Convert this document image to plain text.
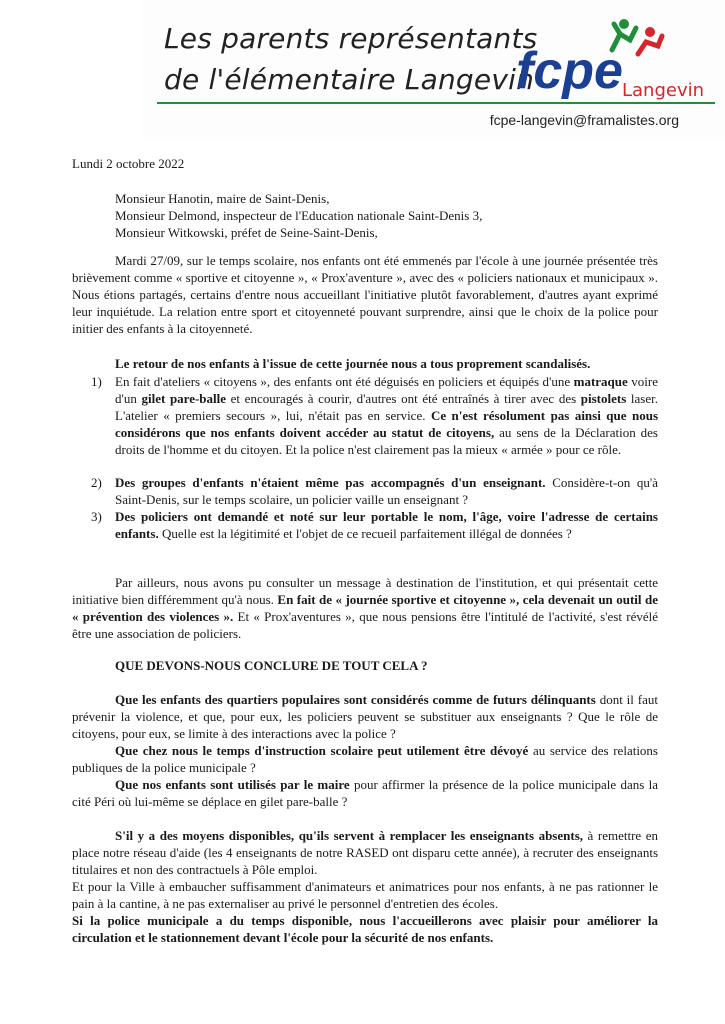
Les parents représentants
de l'élémentaire Langevin
fcpe Langevin
fcpe-langevin@framalistes.org
Lundi 2 octobre 2022
Monsieur Hanotin, maire de Saint-Denis,
Monsieur Delmond, inspecteur de l'Education nationale Saint-Denis 3,
Monsieur Witkowski, préfet de Seine-Saint-Denis,

Mardi 27/09, sur le temps scolaire, nos enfants ont été emmenés par l'école à une journée présentée très brièvement comme « sportive et citoyenne », « Prox'aventure », avec des « policiers nationaux et municipaux ». Nous étions partagés, certains d'entre nous accueillant l'initiative plutôt favorablement, d'autres ayant exprimé leur inquiétude. La relation entre sport et citoyenneté pouvant surprendre, ainsi que le choix de la police pour initier des enfants à la citoyenneté.

Le retour de nos enfants à l'issue de cette journée nous a tous proprement scandalisés.

1) En fait d'ateliers « citoyens », des enfants ont été déguisés en policiers et équipés d'une matraque voire d'un gilet pare-balle et encouragés à courir, d'autres ont été entraînés à tirer avec des pistolets laser. L'atelier « premiers secours », lui, n'était pas en service. Ce n'est résolument pas ainsi que nous considérons que nos enfants doivent accéder au statut de citoyens, au sens de la Déclaration des droits de l'homme et du citoyen. Et la police n'est clairement pas la mieux « armée » pour ce rôle.

2) Des groupes d'enfants n'étaient même pas accompagnés d'un enseignant. Considère-t-on qu'à Saint-Denis, sur le temps scolaire, un policier vaille un enseignant ?

3) Des policiers ont demandé et noté sur leur portable le nom, l'âge, voire l'adresse de certains enfants. Quelle est la légitimité et l'objet de ce recueil parfaitement illégal de données ?

Par ailleurs, nous avons pu consulter un message à destination de l'institution, et qui présentait cette initiative bien différemment qu'à nous. En fait de « journée sportive et citoyenne », cela devenait un outil de « prévention des violences ». Et « Prox'aventures », que nous pensions être l'intitulé de l'activité, s'est révélé être une association de policiers.

QUE DEVONS-NOUS CONCLURE DE TOUT CELA ?

Que les enfants des quartiers populaires sont considérés comme de futurs délinquants dont il faut prévenir la violence, et que, pour eux, les policiers peuvent se substituer aux enseignants ? Que le rôle de citoyens, pour eux, se limite à des interactions avec la police ?

Que chez nous le temps d'instruction scolaire peut utilement être dévoyé au service des relations publiques de la police municipale ?

Que nos enfants sont utilisés par le maire pour affirmer la présence de la police municipale dans la cité Péri où lui-même se déplace en gilet pare-balle ?

S'il y a des moyens disponibles, qu'ils servent à remplacer les enseignants absents, à remettre en place notre réseau d'aide (les 4 enseignants de notre RASED ont disparu cette année), à recruter des enseignants titulaires et non des contractuels à Pôle emploi.

Et pour la Ville à embaucher suffisamment d'animateurs et animatrices pour nos enfants, à ne pas rationner le pain à la cantine, à ne pas externaliser au privé le personnel d'entretien des écoles.

Si la police municipale a du temps disponible, nous l'accueillerons avec plaisir pour améliorer la circulation et le stationnement devant l'école pour la sécurité de nos enfants.
